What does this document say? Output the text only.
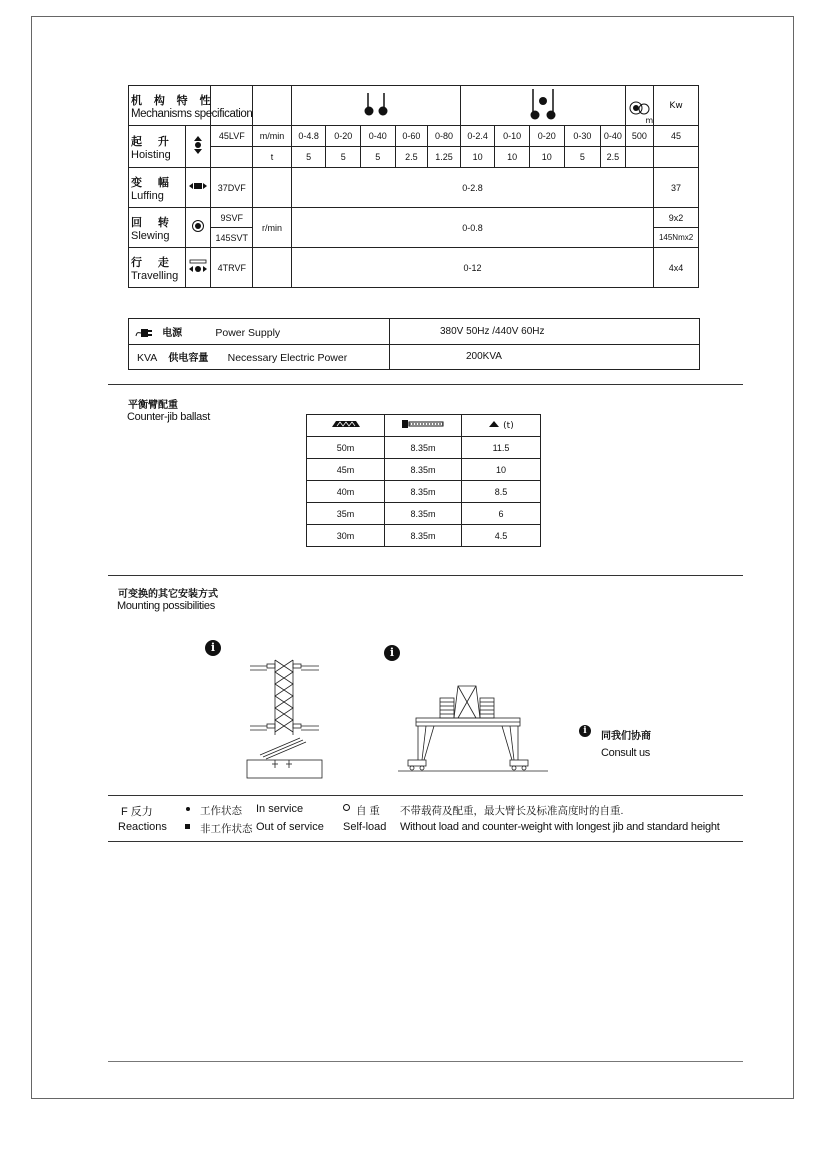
机 构 特 性
Mechanisms specification														m	Kw

起 升
Hoisting		45LVF	m/min	0-4.8	0-20	0-40	0-60	0-80	0-2.4	0-10	0-20	0-30	0-40	500	45
			t	5	5	5	2.5	1.25	10	10	10	5	2.5		

变 幅
Luffing		37DVF		0-2.8											37

回 转
Slewing		9SVF	r/min	0-0.8											9x2
		145SVT													145Nmx2

行 走
Travelling		4TRVF		0-12											4x4
电源 Power Supply	380V 50Hz /440V 60Hz
KVA 供电容量 Necessary Electric Power	200KVA
平衡臂配重
Counter-jib ballast
		(t)
50m	8.35m	11.5
45m	8.35m	10
40m	8.35m	8.5
35m	8.35m	6
30m	8.35m	4.5
可变换的其它安装方式
Mounting possibilities
i	i
i	同我们协商
Consult us
F 反力
Reactions
工作状态 In service
非工作状态 Out of service
自 重
Self-load
不带载荷及配重，最大臂长及标准高度时的自重.
Without load and counter-weight with longest jib and standard height
